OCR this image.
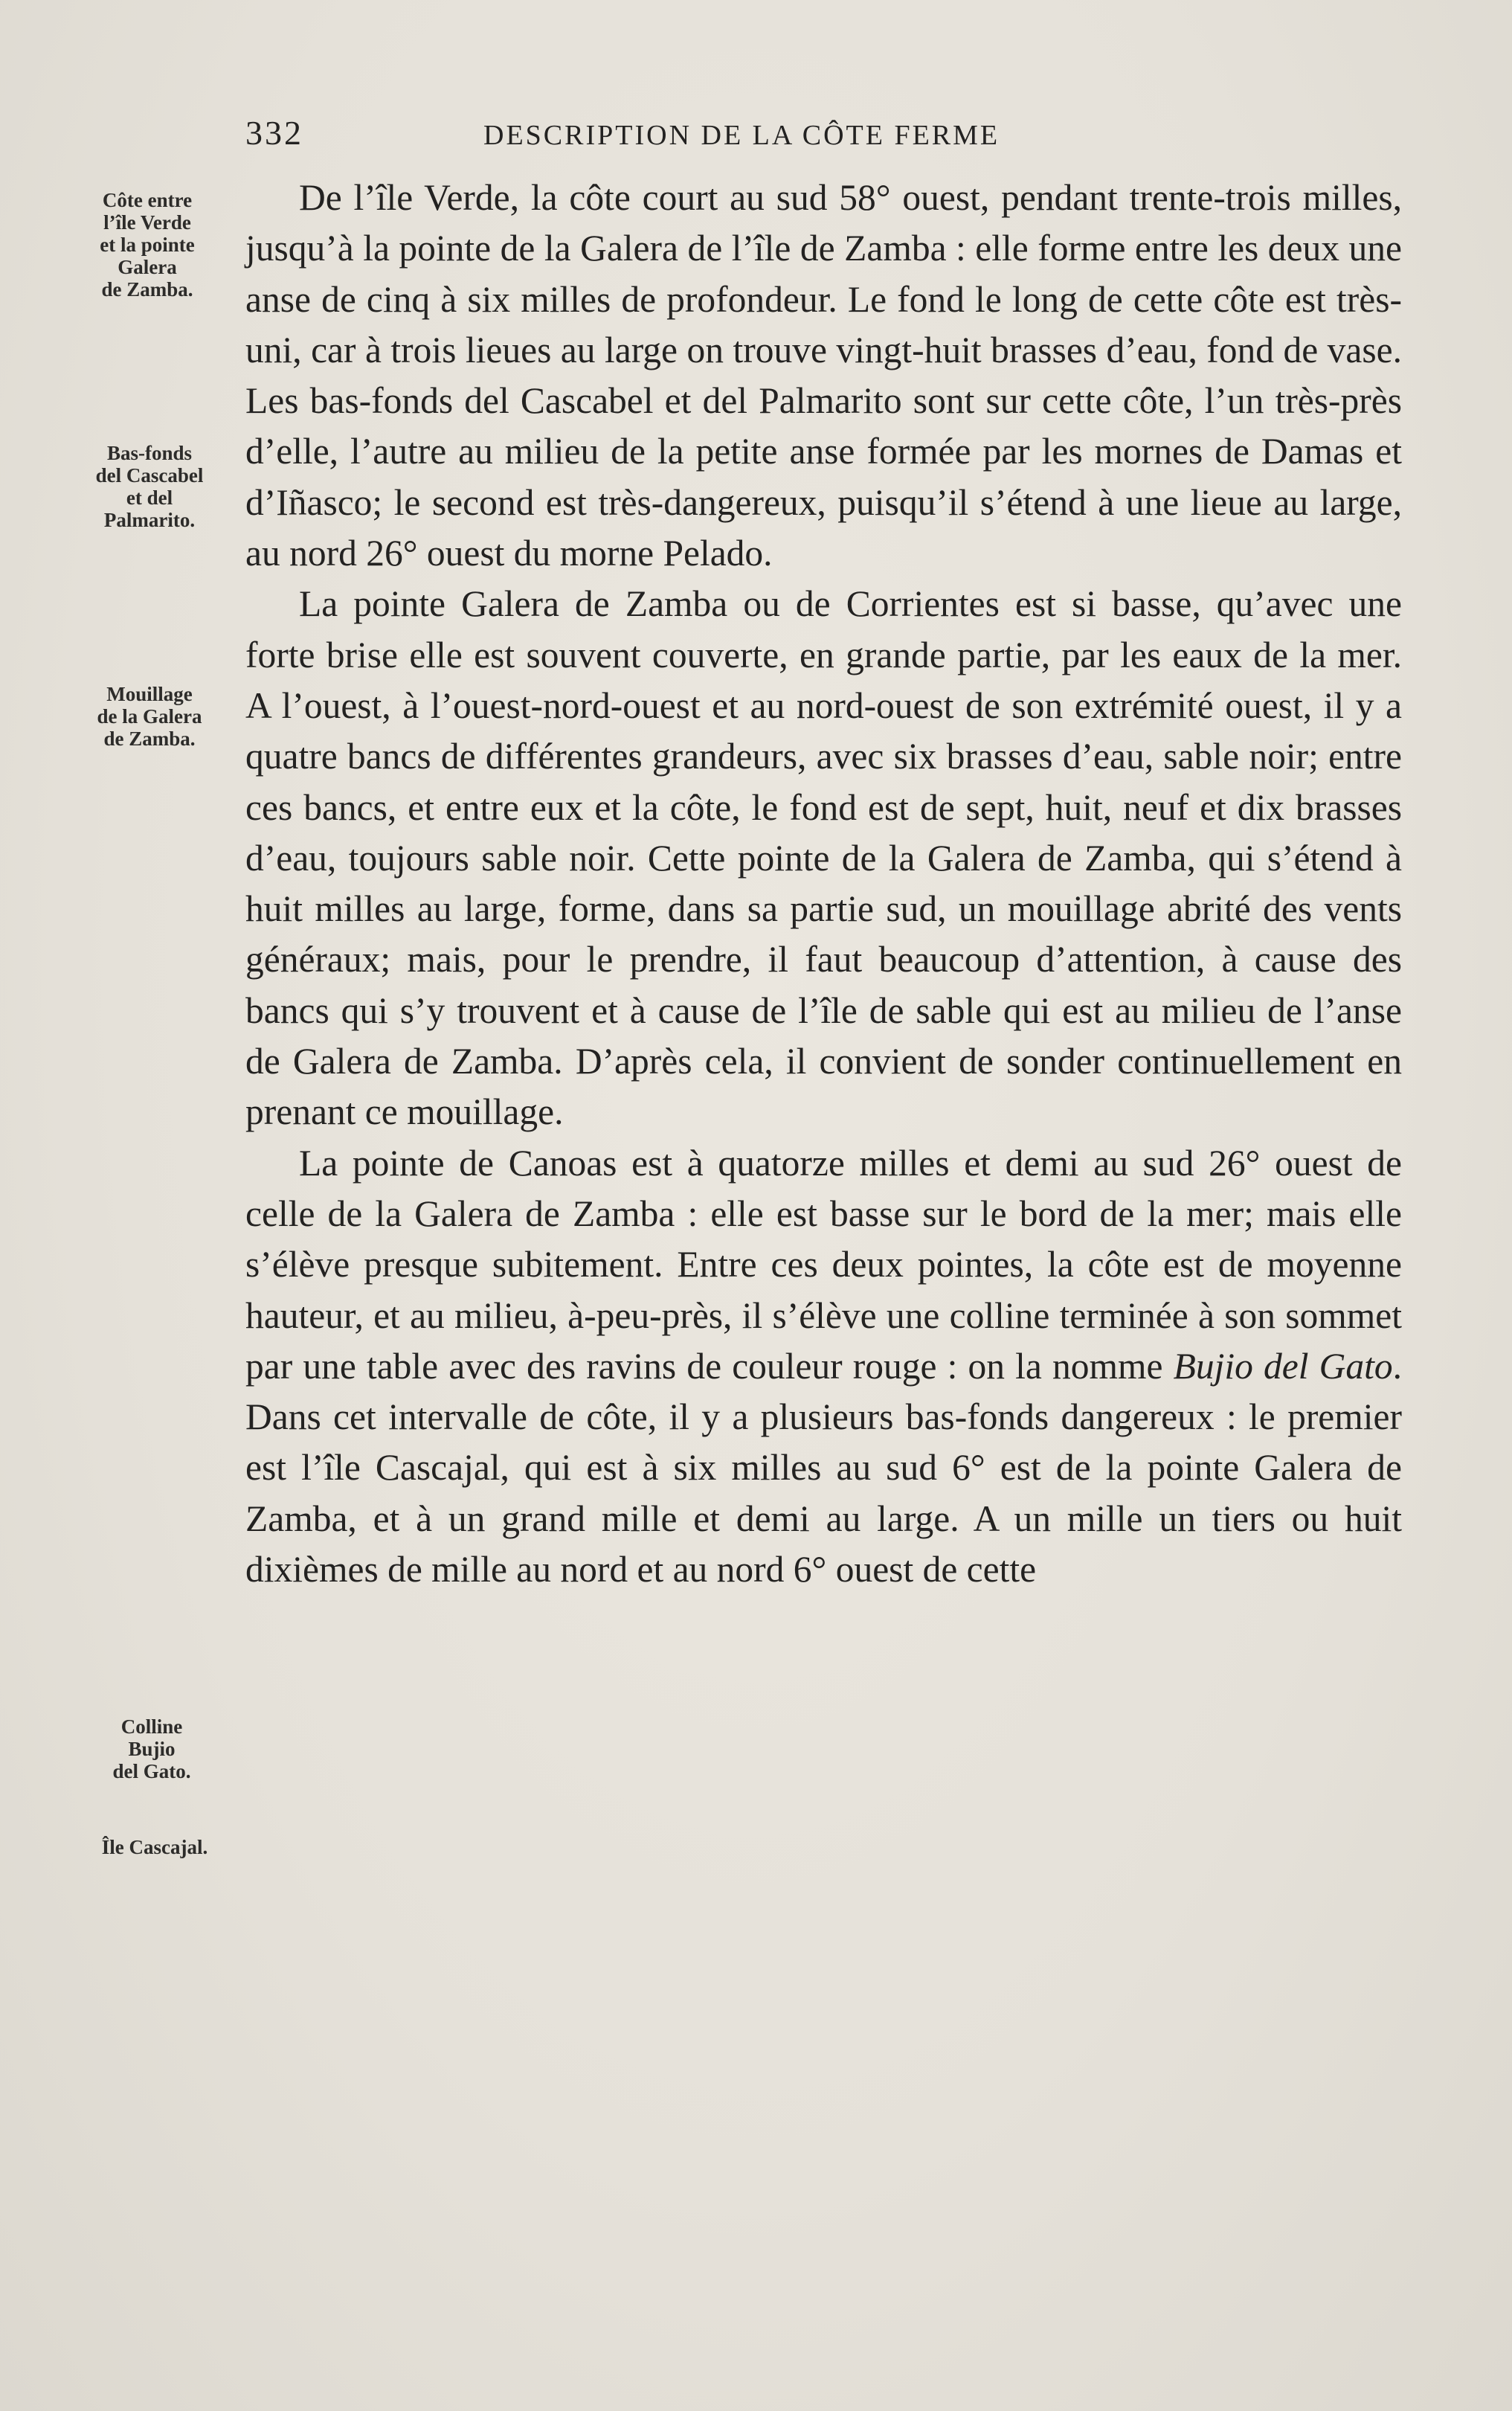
332	DESCRIPTION DE LA CÔTE FERME
Côte entre
l’île Verde
et la pointe
Galera
de Zamba.
Bas-fonds
del Cascabel
et del
Palmarito.
Mouillage
de la Galera
de Zamba.
Colline
Bujio
del Gato.
Île Cascajal.

De l’île Verde, la côte court au sud 58° ouest, pendant trente-trois milles, jusqu’à la pointe de la Galera de l’île de Zamba : elle forme entre les deux une anse de cinq à six milles de profondeur. Le fond le long de cette côte est très-uni, car à trois lieues au large on trouve vingt-huit brasses d’eau, fond de vase. Les bas-fonds del Cascabel et del Palmarito sont sur cette côte, l’un très-près d’elle, l’autre au milieu de la petite anse formée par les mornes de Damas et d’Iñasco; le second est très-dangereux, puisqu’il s’étend à une lieue au large, au nord 26° ouest du morne Pelado.

La pointe Galera de Zamba ou de Corrientes est si basse, qu’avec une forte brise elle est souvent couverte, en grande partie, par les eaux de la mer. A l’ouest, à l’ouest-nord-ouest et au nord-ouest de son extrémité ouest, il y a quatre bancs de différentes grandeurs, avec six brasses d’eau, sable noir; entre ces bancs, et entre eux et la côte, le fond est de sept, huit, neuf et dix brasses d’eau, toujours sable noir. Cette pointe de la Galera de Zamba, qui s’étend à huit milles au large, forme, dans sa partie sud, un mouillage abrité des vents généraux; mais, pour le prendre, il faut beaucoup d’attention, à cause des bancs qui s’y trouvent et à cause de l’île de sable qui est au milieu de l’anse de Galera de Zamba. D’après cela, il convient de sonder continuellement en prenant ce mouillage.

La pointe de Canoas est à quatorze milles et demi au sud 26° ouest de celle de la Galera de Zamba : elle est basse sur le bord de la mer; mais elle s’élève presque subitement. Entre ces deux pointes, la côte est de moyenne hauteur, et au milieu, à-peu-près, il s’élève une colline terminée à son sommet par une table avec des ravins de couleur rouge : on la nomme Bujio del Gato. Dans cet intervalle de côte, il y a plusieurs bas-fonds dangereux : le premier est l’île Cascajal, qui est à six milles au sud 6° est de la pointe Galera de Zamba, et à un grand mille et demi au large. A un mille un tiers ou huit dixièmes de mille au nord et au nord 6° ouest de cette
